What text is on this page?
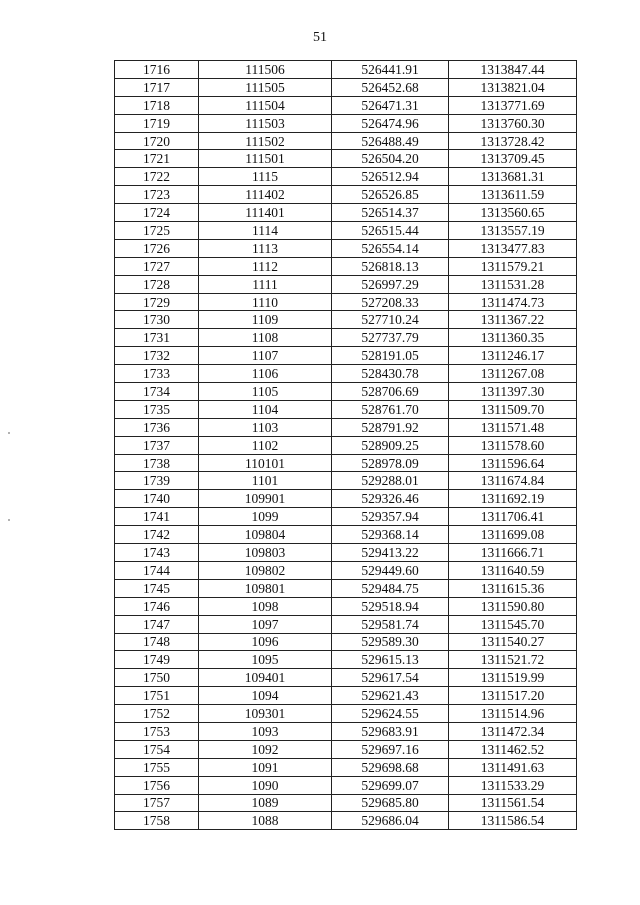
51
1716	111506	526441.91	1313847.44
1717	111505	526452.68	1313821.04
1718	111504	526471.31	1313771.69
1719	111503	526474.96	1313760.30
1720	111502	526488.49	1313728.42
1721	111501	526504.20	1313709.45
1722	1115	526512.94	1313681.31
1723	111402	526526.85	1313611.59
1724	111401	526514.37	1313560.65
1725	1114	526515.44	1313557.19
1726	1113	526554.14	1313477.83
1727	1112	526818.13	1311579.21
1728	1111	526997.29	1311531.28
1729	1110	527208.33	1311474.73
1730	1109	527710.24	1311367.22
1731	1108	527737.79	1311360.35
1732	1107	528191.05	1311246.17
1733	1106	528430.78	1311267.08
1734	1105	528706.69	1311397.30
1735	1104	528761.70	1311509.70
1736	1103	528791.92	1311571.48
1737	1102	528909.25	1311578.60
1738	110101	528978.09	1311596.64
1739	1101	529288.01	1311674.84
1740	109901	529326.46	1311692.19
1741	1099	529357.94	1311706.41
1742	109804	529368.14	1311699.08
1743	109803	529413.22	1311666.71
1744	109802	529449.60	1311640.59
1745	109801	529484.75	1311615.36
1746	1098	529518.94	1311590.80
1747	1097	529581.74	1311545.70
1748	1096	529589.30	1311540.27
1749	1095	529615.13	1311521.72
1750	109401	529617.54	1311519.99
1751	1094	529621.43	1311517.20
1752	109301	529624.55	1311514.96
1753	1093	529683.91	1311472.34
1754	1092	529697.16	1311462.52
1755	1091	529698.68	1311491.63
1756	1090	529699.07	1311533.29
1757	1089	529685.80	1311561.54
1758	1088	529686.04	1311586.54
